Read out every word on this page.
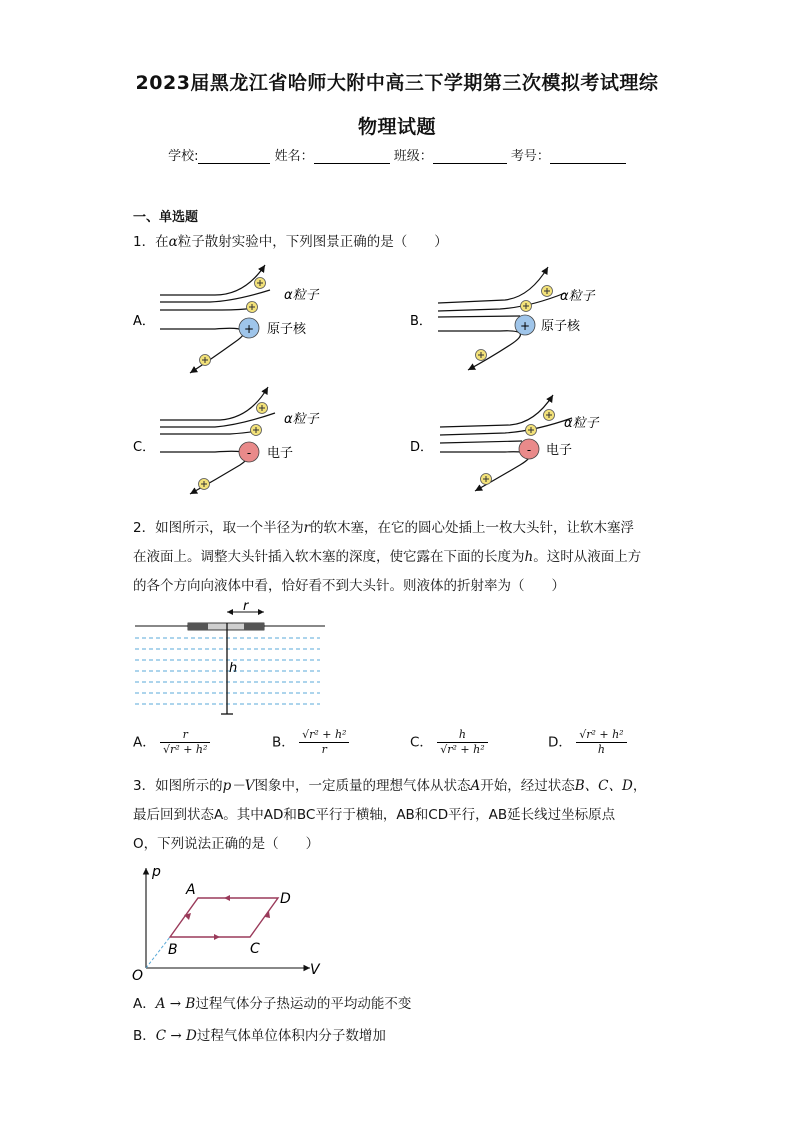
2023届黑龙江省哈师大附中高三下学期第三次模拟考试理综
物理试题
学校:	姓名：	班级：	考号：
一、单选题
1．在α粒子散射实验中，下列图景正确的是（　　）
A．	+
α粒子
原子核
B．	+
α粒子
原子核
C．	-
α粒子
电子	D．	-
α粒子
电子
2．如图所示，取一个半径为r的软木塞，在它的圆心处插上一枚大头针，让软木塞浮
在液面上。调整大头针插入软木塞的深度，使它露在下面的长度为h。这时从液面上方
的各个方向向液体中看，恰好看不到大头针。则液体的折射率为（　　）
r
h
A． $\frac{r}{\text{√r² + h²}}$	B． $\frac{\text{√r² + h²}}{r}$	C． $\frac{h}{\text{√r² + h²}}$	D． $\frac{\text{√r² + h²}}{h}$
3．如图所示的p－V图象中，一定质量的理想气体从状态A开始，经过状态B、C、D，
最后回到状态A。其中AD和BC平行于横轴，AB和CD平行，AB延长线过坐标原点
O，下列说法正确的是（　　）
p
V
O
A
B	C
D
A．A → B过程气体分子热运动的平均动能不变
B．C → D过程气体单位体积内分子数增加
